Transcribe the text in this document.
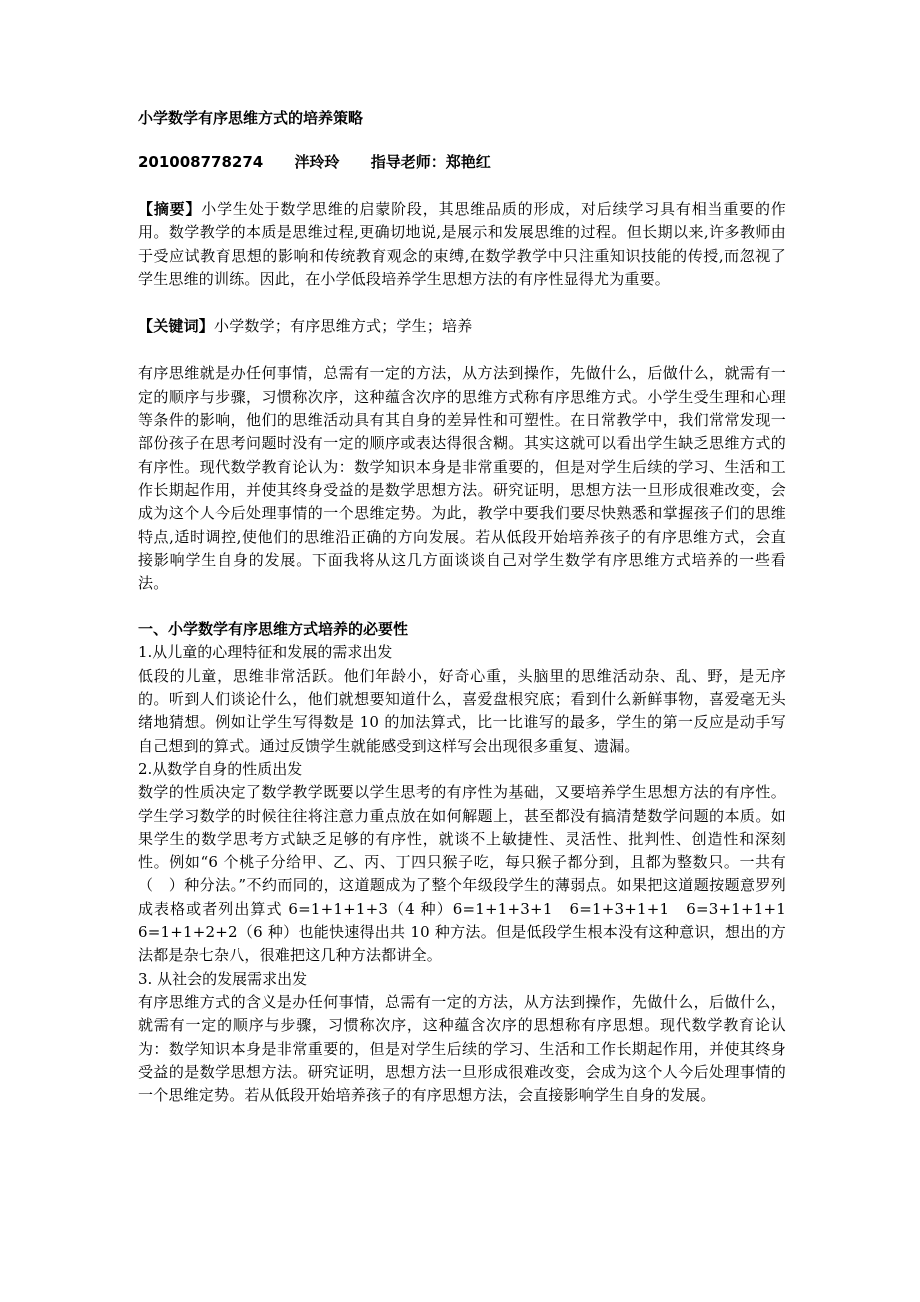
小学数学有序思维方式的培养策略

201008778274 泮玲玲 指导老师：郑艳红

【摘要】小学生处于数学思维的启蒙阶段，其思维品质的形成，对后续学习具有相当重要的作用。数学教学的本质是思维过程,更确切地说,是展示和发展思维的过程。但长期以来,许多教师由于受应试教育思想的影响和传统教育观念的束缚,在数学教学中只注重知识技能的传授,而忽视了学生思维的训练。因此，在小学低段培养学生思想方法的有序性显得尤为重要。

【关键词】小学数学；有序思维方式；学生；培养

有序思维就是办任何事情，总需有一定的方法，从方法到操作，先做什么，后做什么，就需有一定的顺序与步骤，习惯称次序，这种蕴含次序的思维方式称有序思维方式。小学生受生理和心理等条件的影响，他们的思维活动具有其自身的差异性和可塑性。在日常教学中，我们常常发现一部份孩子在思考问题时没有一定的顺序或表达得很含糊。其实这就可以看出学生缺乏思维方式的有序性。现代数学教育论认为：数学知识本身是非常重要的，但是对学生后续的学习、生活和工作长期起作用，并使其终身受益的是数学思想方法。研究证明，思想方法一旦形成很难改变，会成为这个人今后处理事情的一个思维定势。为此，教学中要我们要尽快熟悉和掌握孩子们的思维特点,适时调控,使他们的思维沿正确的方向发展。若从低段开始培养孩子的有序思维方式，会直接影响学生自身的发展。下面我将从这几方面谈谈自己对学生数学有序思维方式培养的一些看法。

一、小学数学有序思维方式培养的必要性

1.从儿童的心理特征和发展的需求出发

低段的儿童，思维非常活跃。他们年龄小，好奇心重，头脑里的思维活动杂、乱、野，是无序的。听到人们谈论什么，他们就想要知道什么，喜爱盘根究底；看到什么新鲜事物，喜爱毫无头绪地猜想。例如让学生写得数是 10 的加法算式，比一比谁写的最多，学生的第一反应是动手写自己想到的算式。通过反馈学生就能感受到这样写会出现很多重复、遗漏。

2.从数学自身的性质出发

数学的性质决定了数学教学既要以学生思考的有序性为基础，又要培养学生思想方法的有序性。学生学习数学的时候往往将注意力重点放在如何解题上，甚至都没有搞清楚数学问题的本质。如果学生的数学思考方式缺乏足够的有序性，就谈不上敏捷性、灵活性、批判性、创造性和深刻性。例如“6 个桃子分给甲、乙、丙、丁四只猴子吃，每只猴子都分到，且都为整数只。一共有（　）种分法。”不约而同的，这道题成为了整个年级段学生的薄弱点。如果把这道题按题意罗列成表格或者列出算式 6=1+1+1+3（4 种）6=1+1+3+1　6=1+3+1+1　6=3+1+1+1 6=1+1+2+2（6 种）也能快速得出共 10 种方法。但是低段学生根本没有这种意识，想出的方法都是杂七杂八，很难把这几种方法都讲全。

3. 从社会的发展需求出发

有序思维方式的含义是办任何事情，总需有一定的方法，从方法到操作，先做什么，后做什么，就需有一定的顺序与步骤，习惯称次序，这种蕴含次序的思想称有序思想。现代数学教育论认为：数学知识本身是非常重要的，但是对学生后续的学习、生活和工作长期起作用，并使其终身受益的是数学思想方法。研究证明，思想方法一旦形成很难改变，会成为这个人今后处理事情的一个思维定势。若从低段开始培养孩子的有序思想方法，会直接影响学生自身的发展。
